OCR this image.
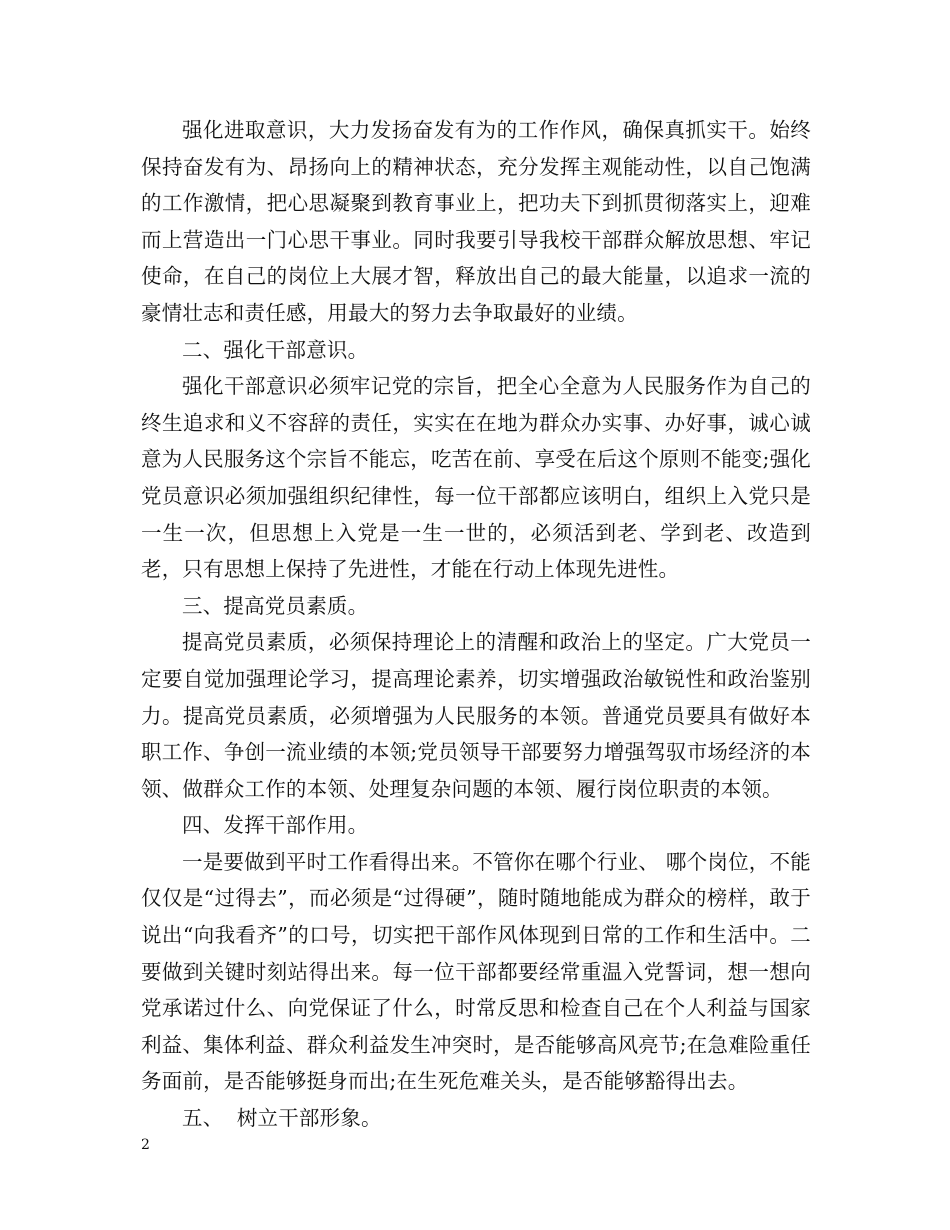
强化进取意识，大力发扬奋发有为的工作作风，确保真抓实干。始终保持奋发有为、昂扬向上的精神状态，充分发挥主观能动性，以自己饱满的工作激情，把心思凝聚到教育事业上，把功夫下到抓贯彻落实上，迎难而上营造出一门心思干事业。同时我要引导我校干部群众解放思想、牢记使命，在自己的岗位上大展才智，释放出自己的最大能量，以追求一流的豪情壮志和责任感，用最大的努力去争取最好的业绩。

二、强化干部意识。

强化干部意识必须牢记党的宗旨，把全心全意为人民服务作为自己的终生追求和义不容辞的责任，实实在在地为群众办实事、办好事，诚心诚意为人民服务这个宗旨不能忘，吃苦在前、享受在后这个原则不能变;强化党员意识必须加强组织纪律性，每一位干部都应该明白，组织上入党只是一生一次，但思想上入党是一生一世的，必须活到老、学到老、改造到老，只有思想上保持了先进性，才能在行动上体现先进性。

三、提高党员素质。

提高党员素质，必须保持理论上的清醒和政治上的坚定。广大党员一定要自觉加强理论学习，提高理论素养，切实增强政治敏锐性和政治鉴别力。提高党员素质，必须增强为人民服务的本领。普通党员要具有做好本职工作、争创一流业绩的本领;党员领导干部要努力增强驾驭市场经济的本领、做群众工作的本领、处理复杂问题的本领、履行岗位职责的本领。

四、发挥干部作用。

一是要做到平时工作看得出来。不管你在哪个行业、 哪个岗位，不能仅仅是“过得去”，而必须是“过得硬”，随时随地能成为群众的榜样，敢于说出“向我看齐”的口号，切实把干部作风体现到日常的工作和生活中。二要做到关键时刻站得出来。每一位干部都要经常重温入党誓词，想一想向党承诺过什么、向党保证了什么，时常反思和检查自己在个人利益与国家利益、集体利益、群众利益发生冲突时，是否能够高风亮节;在急难险重任务面前，是否能够挺身而出;在生死危难关头，是否能够豁得出去。

五、  树立干部形象。

2
